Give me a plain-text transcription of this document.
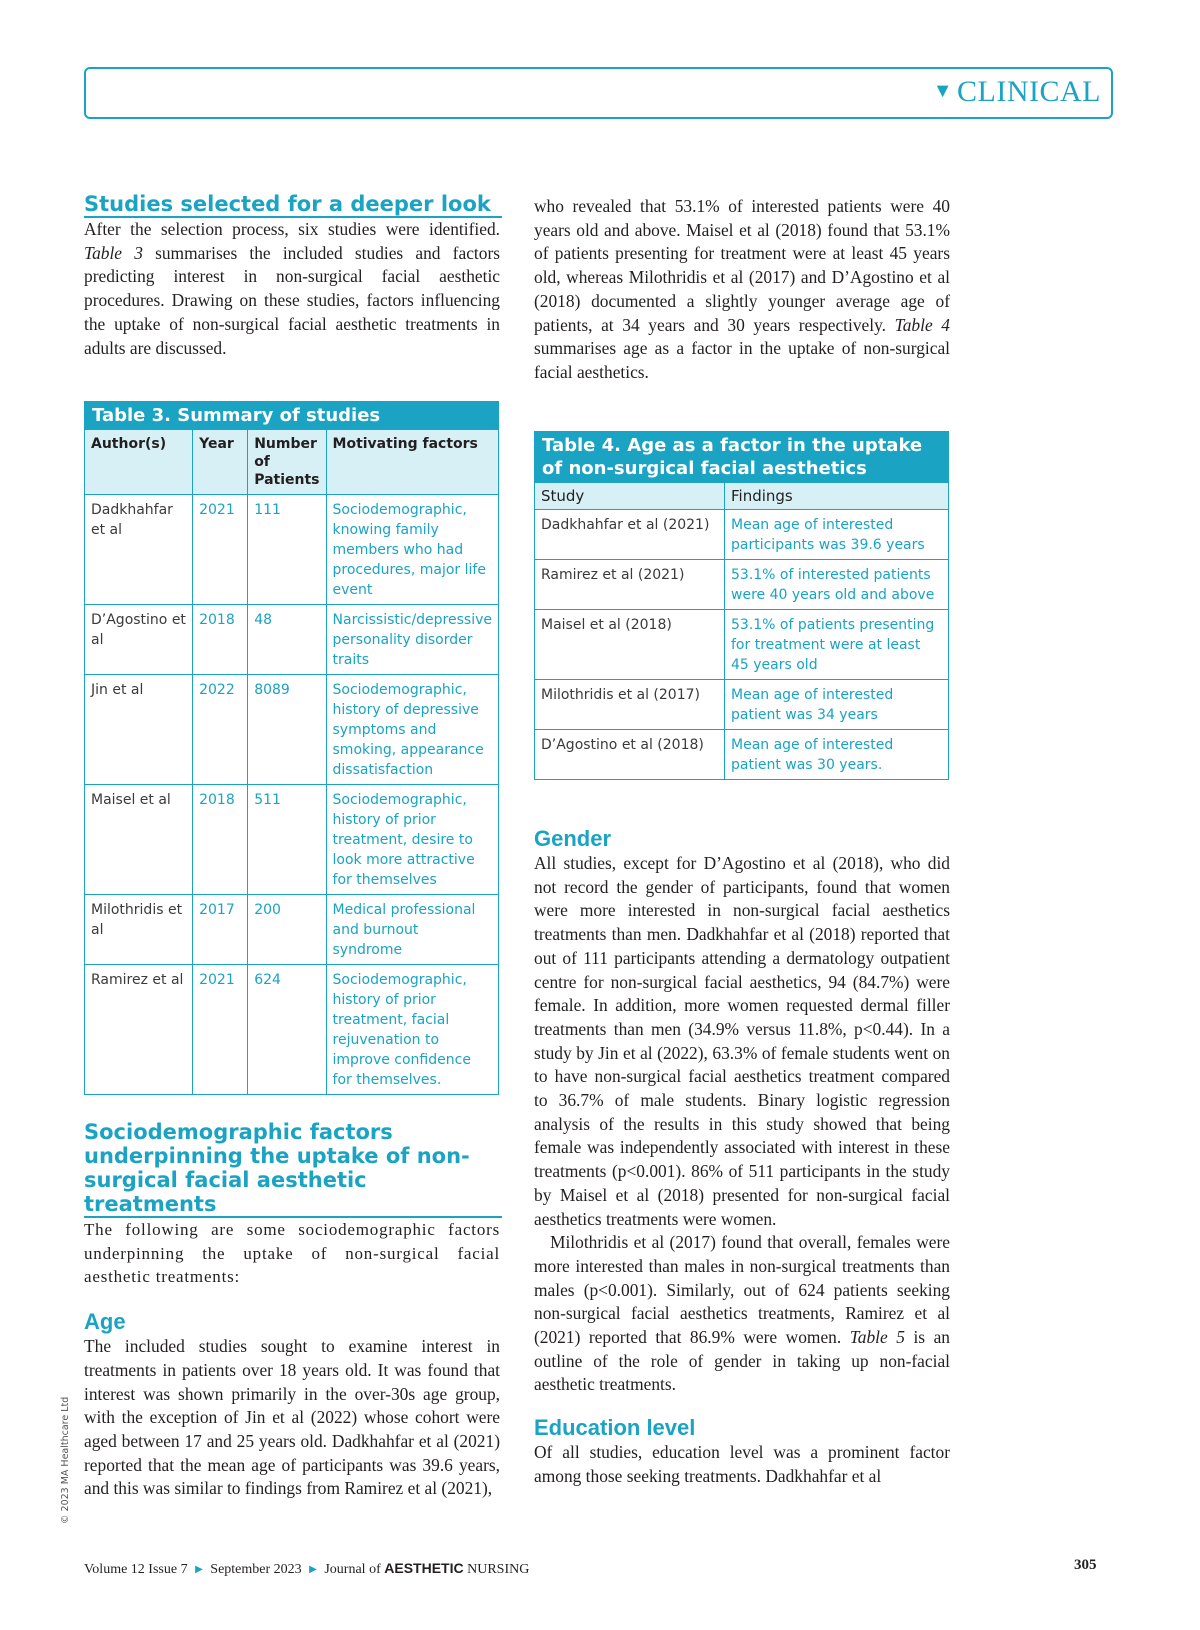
▼ CLINICAL
Studies selected for a deeper look

After the selection process, six studies were identified. Table 3 summarises the included studies and factors predicting interest in non-surgical facial aesthetic procedures. Drawing on these studies, factors influencing the uptake of non-surgical facial aesthetic treatments in adults are discussed.

Table 3. Summary of studies
Author(s)	Year	Number of Patients	Motivating factors
Dadkhahfar et al	2021	111	Sociodemographic, knowing family members who had procedures, major life event
D’Agostino et al	2018	48	Narcissistic/depressive personality disorder traits
Jin et al	2022	8089	Sociodemographic, history of depressive symptoms and smoking, appearance dissatisfaction
Maisel et al	2018	511	Sociodemographic, history of prior treatment, desire to look more attractive for themselves
Milothridis et al	2017	200	Medical professional and burnout syndrome
Ramirez et al	2021	624	Sociodemographic, history of prior treatment, facial rejuvenation to improve confidence for themselves.
Sociodemographic factors underpinning the uptake of non-surgical facial aesthetic treatments

The following are some sociodemographic factors underpinning the uptake of non-surgical facial aesthetic treatments:

Age

The included studies sought to examine interest in treatments in patients over 18 years old. It was found that interest was shown primarily in the over-30s age group, with the exception of Jin et al (2022) whose cohort were aged between 17 and 25 years old. Dadkhahfar et al (2021) reported that the mean age of participants was 39.6 years, and this was similar to findings from Ramirez et al (2021),

who revealed that 53.1% of interested patients were 40 years old and above. Maisel et al (2018) found that 53.1% of patients presenting for treatment were at least 45 years old, whereas Milothridis et al (2017) and D’Agostino et al (2018) documented a slightly younger average age of patients, at 34 years and 30 years respectively. Table 4 summarises age as a factor in the uptake of non-surgical facial aesthetics.

Table 4. Age as a factor in the uptake of non-surgical facial aesthetics
Study	Findings
Dadkhahfar et al (2021)	Mean age of interested participants was 39.6 years
Ramirez et al (2021)	53.1% of interested patients were 40 years old and above
Maisel et al (2018)	53.1% of patients presenting for treatment were at least 45 years old
Milothridis et al (2017)	Mean age of interested patient was 34 years
D’Agostino et al (2018)	Mean age of interested patient was 30 years.
Gender

All studies, except for D’Agostino et al (2018), who did not record the gender of participants, found that women were more interested in non-surgical facial aesthetics treatments than men. Dadkhahfar et al (2018) reported that out of 111 participants attending a dermatology outpatient centre for non-surgical facial aesthetics, 94 (84.7%) were female. In addition, more women requested dermal filler treatments than men (34.9% versus 11.8%, p<0.44). In a study by Jin et al (2022), 63.3% of female students went on to have non-surgical facial aesthetics treatment compared to 36.7% of male students. Binary logistic regression analysis of the results in this study showed that being female was independently associated with interest in these treatments (p<0.001). 86% of 511 participants in the study by Maisel et al (2018) presented for non-surgical facial aesthetics treatments were women.

Milothridis et al (2017) found that overall, females were more interested than males in non-surgical treatments than males (p<0.001). Similarly, out of 624 patients seeking non-surgical facial aesthetics treatments, Ramirez et al (2021) reported that 86.9% were women. Table 5 is an outline of the role of gender in taking up non-facial aesthetic treatments.

Education level

Of all studies, education level was a prominent factor among those seeking treatments. Dadkhahfar et al

© 2023 MA Healthcare Ltd
Volume 12 Issue 7 ▶ September 2023 ▶ Journal of AESTHETIC NURSING	305
